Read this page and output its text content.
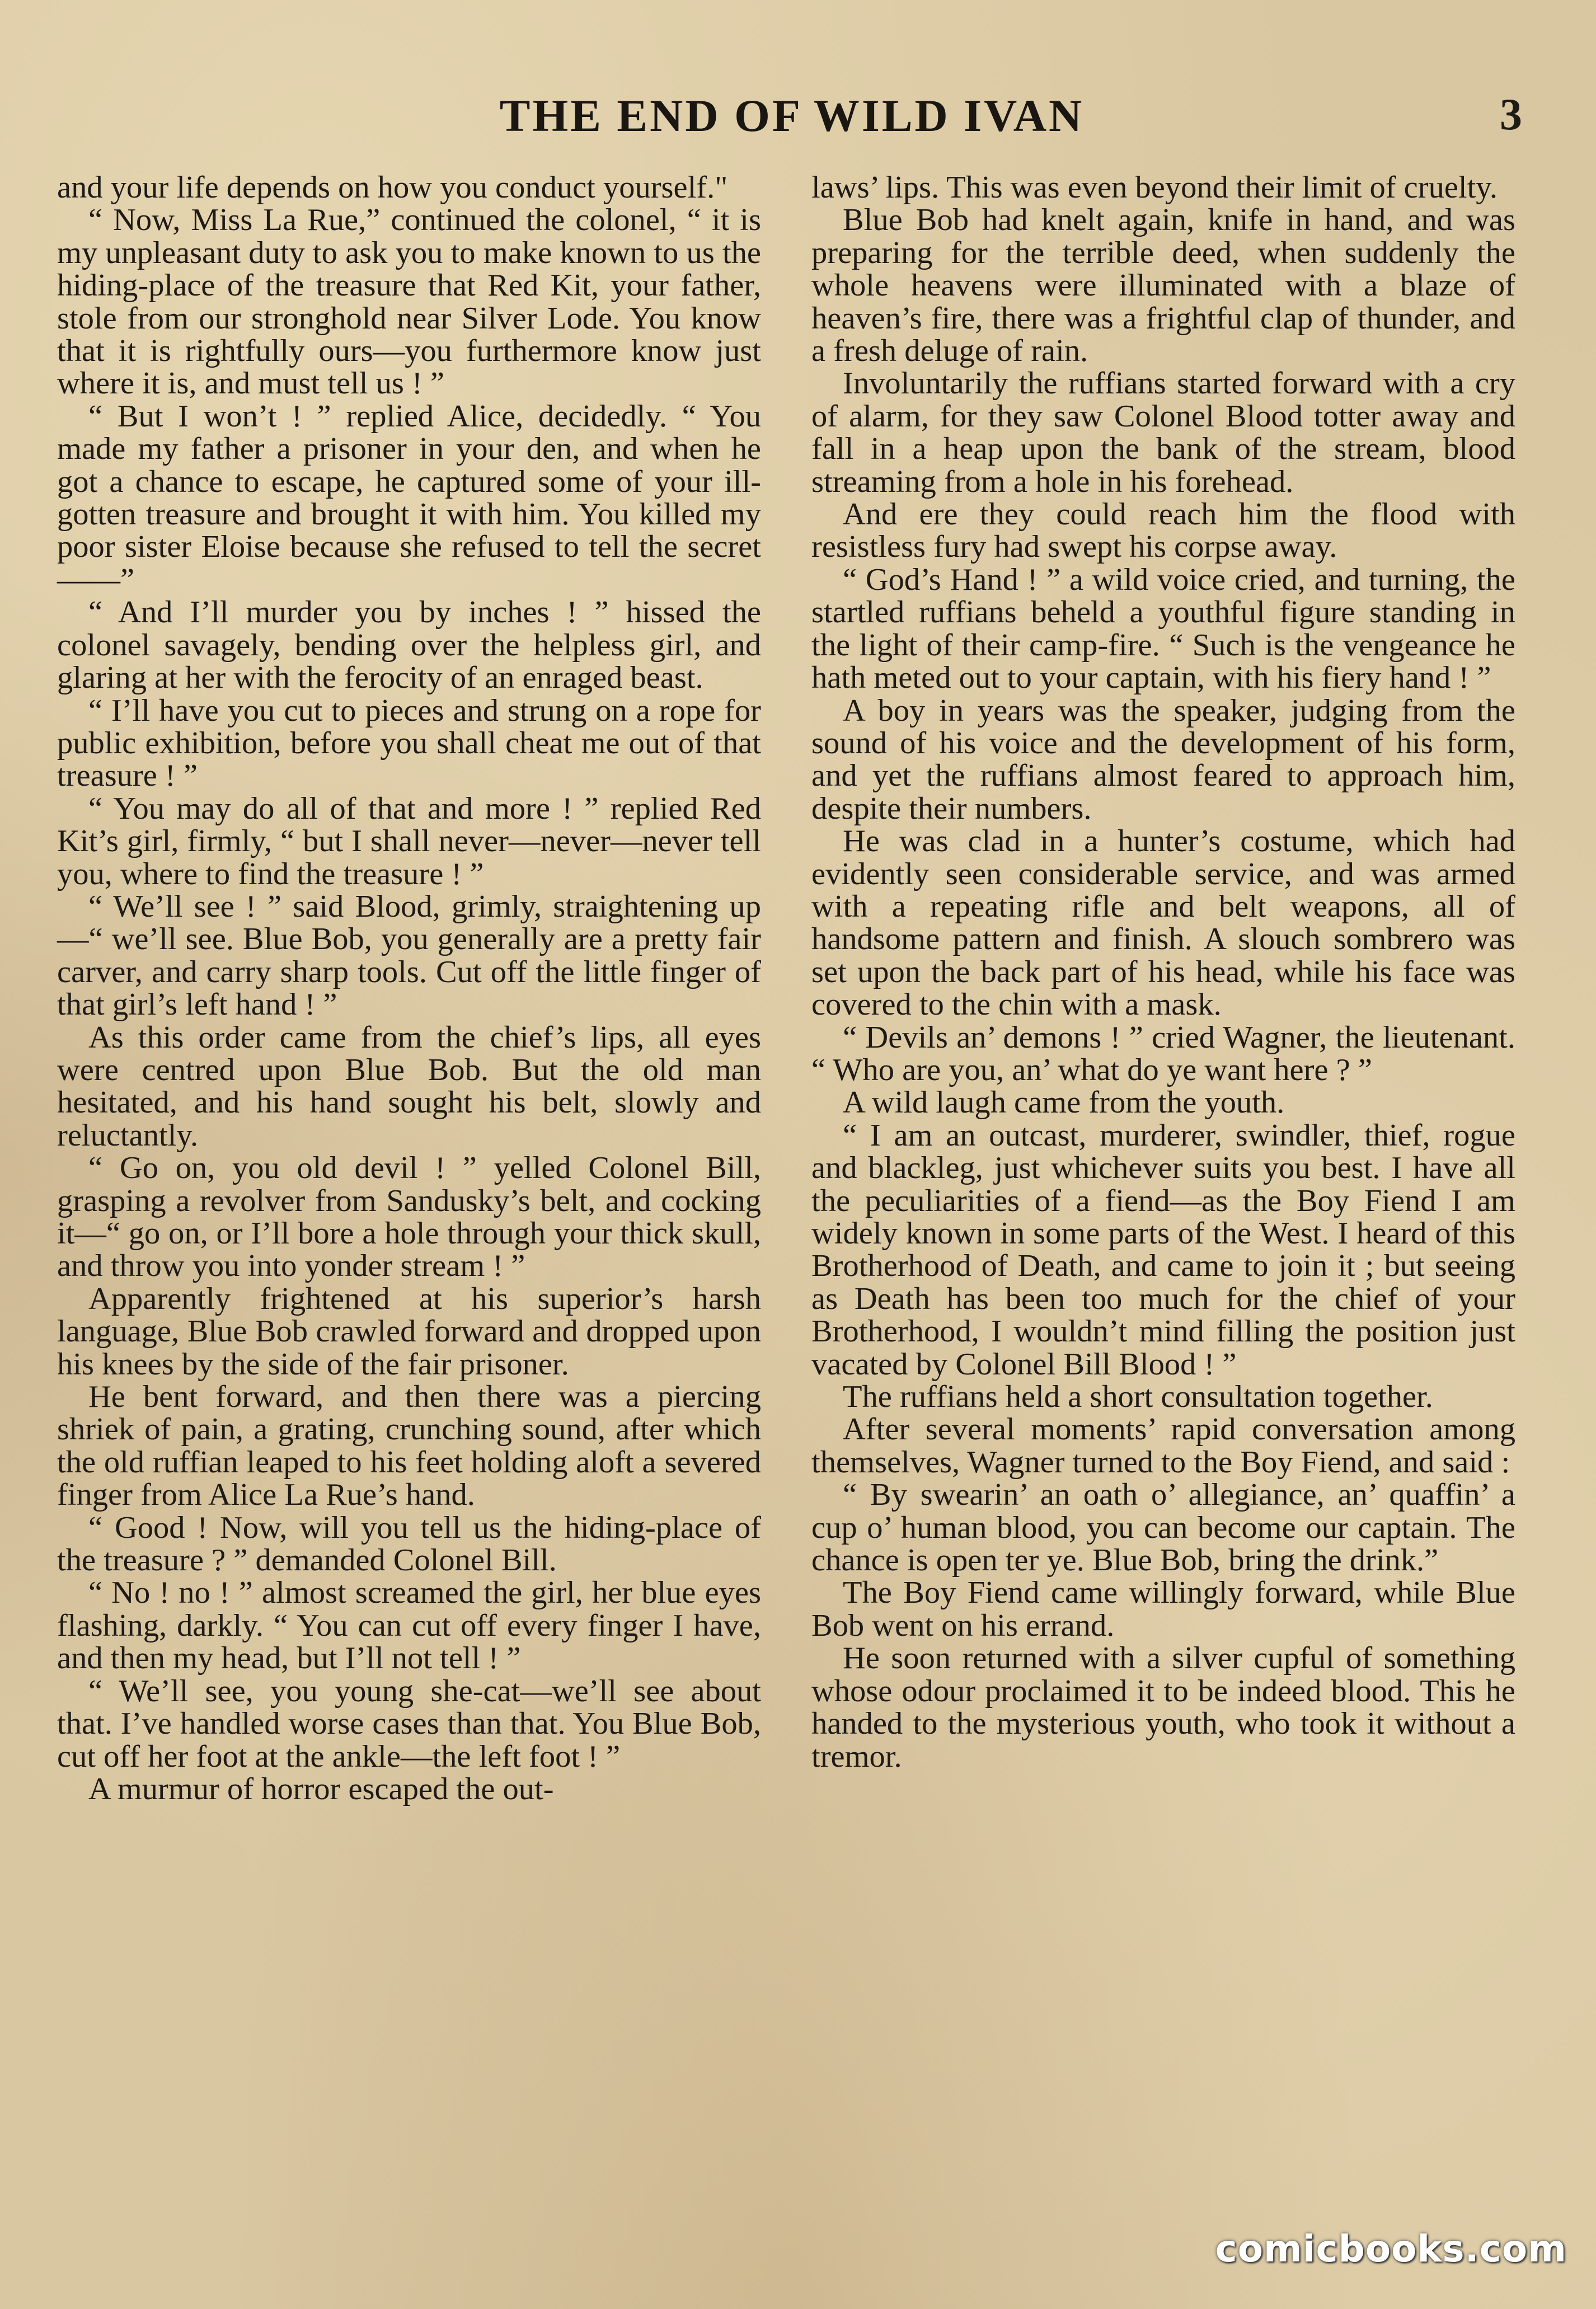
THE END OF WILD IVAN	3

and your life depends on how you conduct yourself."

“ Now, Miss La Rue,” continued the colonel, “ it is my unpleasant duty to ask you to make known to us the hiding-place of the treasure that Red Kit, your father, stole from our stronghold near Silver Lode. You know that it is rightfully ours—you furthermore know just where it is, and must tell us ! ”

“ But I won’t ! ” replied Alice, decidedly. “ You made my father a prisoner in your den, and when he got a chance to escape, he captured some of your ill-gotten treasure and brought it with him. You killed my poor sister Eloise because she refused to tell the secret——”

“ And I’ll murder you by inches ! ” hissed the colonel savagely, bending over the helpless girl, and glaring at her with the ferocity of an enraged beast.

“ I’ll have you cut to pieces and strung on a rope for public exhibition, before you shall cheat me out of that treasure ! ”

“ You may do all of that and more ! ” replied Red Kit’s girl, firmly, “ but I shall never—never—never tell you, where to find the treasure ! ”

“ We’ll see ! ” said Blood, grimly, straightening up—“ we’ll see. Blue Bob, you generally are a pretty fair carver, and carry sharp tools. Cut off the little finger of that girl’s left hand ! ”

As this order came from the chief’s lips, all eyes were centred upon Blue Bob. But the old man hesitated, and his hand sought his belt, slowly and reluctantly.

“ Go on, you old devil ! ” yelled Colonel Bill, grasping a revolver from Sandusky’s belt, and cocking it—“ go on, or I’ll bore a hole through your thick skull, and throw you into yonder stream ! ”

Apparently frightened at his superior’s harsh language, Blue Bob crawled forward and dropped upon his knees by the side of the fair prisoner.

He bent forward, and then there was a piercing shriek of pain, a grating, crunching sound, after which the old ruffian leaped to his feet holding aloft a severed finger from Alice La Rue’s hand.

“ Good ! Now, will you tell us the hiding-place of the treasure ? ” demanded Colonel Bill.

“ No ! no ! ” almost screamed the girl, her blue eyes flashing, darkly. “ You can cut off every finger I have, and then my head, but I’ll not tell ! ”

“ We’ll see, you young she-cat—we’ll see about that. I’ve handled worse cases than that. You Blue Bob, cut off her foot at the ankle—the left foot ! ”

A murmur of horror escaped the out-

laws’ lips. This was even beyond their limit of cruelty.

Blue Bob had knelt again, knife in hand, and was preparing for the terrible deed, when suddenly the whole heavens were illuminated with a blaze of heaven’s fire, there was a frightful clap of thunder, and a fresh deluge of rain.

Involuntarily the ruffians started forward with a cry of alarm, for they saw Colonel Blood totter away and fall in a heap upon the bank of the stream, blood streaming from a hole in his forehead.

And ere they could reach him the flood with resistless fury had swept his corpse away.

“ God’s Hand ! ” a wild voice cried, and turning, the startled ruffians beheld a youthful figure standing in the light of their camp-fire. “ Such is the vengeance he hath meted out to your captain, with his fiery hand ! ”

A boy in years was the speaker, judging from the sound of his voice and the development of his form, and yet the ruffians almost feared to approach him, despite their numbers.

He was clad in a hunter’s costume, which had evidently seen considerable service, and was armed with a repeating rifle and belt weapons, all of handsome pattern and finish. A slouch sombrero was set upon the back part of his head, while his face was covered to the chin with a mask.

“ Devils an’ demons ! ” cried Wagner, the lieutenant. “ Who are you, an’ what do ye want here ? ”

A wild laugh came from the youth.

“ I am an outcast, murderer, swindler, thief, rogue and blackleg, just whichever suits you best. I have all the peculiarities of a fiend—as the Boy Fiend I am widely known in some parts of the West. I heard of this Brotherhood of Death, and came to join it ; but seeing as Death has been too much for the chief of your Brotherhood, I wouldn’t mind filling the position just vacated by Colonel Bill Blood ! ”

The ruffians held a short consultation together.

After several moments’ rapid conversation among themselves, Wagner turned to the Boy Fiend, and said :

“ By swearin’ an oath o’ allegiance, an’ quaffin’ a cup o’ human blood, you can become our captain. The chance is open ter ye. Blue Bob, bring the drink.”

The Boy Fiend came willingly forward, while Blue Bob went on his errand.

He soon returned with a silver cupful of something whose odour proclaimed it to be indeed blood. This he handed to the mysterious youth, who took it without a tremor.

comicbooks.com
